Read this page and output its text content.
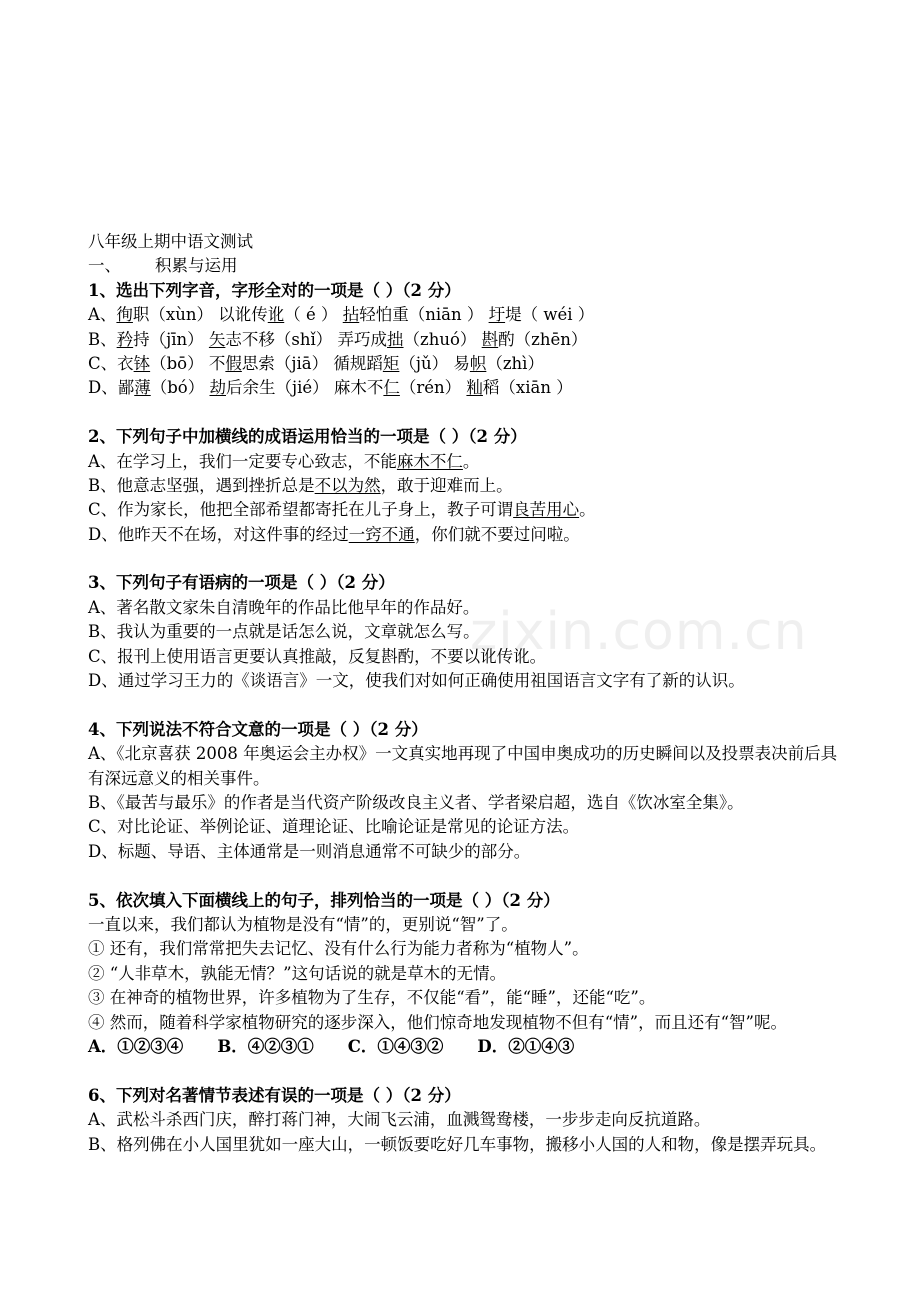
zixin.com.cn
八年级上期中语文测试
一、 积累与运用
1、选出下列字音，字形全对的一项是（ ）（2 分）
A、徇职（xùn） 以讹传讹（ é ） 拈轻怕重（niān ） 圩堤（ wéi ）
B、矜持（jīn） 矢志不移（shǐ） 弄巧成拙（zhuó） 斟酌（zhēn）
C、衣钵（bō） 不假思索（jiā） 循规蹈矩（jǔ） 易帜（zhì）
D、鄙薄（bó） 劫后余生（jié） 麻木不仁（rén） 籼稻（xiān ）
2、下列句子中加横线的成语运用恰当的一项是（ ）（2 分）
A、在学习上，我们一定要专心致志，不能麻木不仁。
B、他意志坚强，遇到挫折总是不以为然，敢于迎难而上。
C、作为家长，他把全部希望都寄托在儿子身上，教子可谓良苦用心。
D、他昨天不在场，对这件事的经过一窍不通，你们就不要过问啦。
3、下列句子有语病的一项是（ ）（2 分）
A、著名散文家朱自清晚年的作品比他早年的作品好。
B、我认为重要的一点就是话怎么说，文章就怎么写。
C、报刊上使用语言更要认真推敲，反复斟酌，不要以讹传讹。
D、通过学习王力的《谈语言》一文，使我们对如何正确使用祖国语言文字有了新的认识。
4、下列说法不符合文意的一项是（ ）（2 分）
A、《北京喜获 2008 年奥运会主办权》一文真实地再现了中国申奥成功的历史瞬间以及投票表决前后具有深远意义的相关事件。
B、《最苦与最乐》的作者是当代资产阶级改良主义者、学者梁启超，选自《饮冰室全集》。
C、对比论证、举例论证、道理论证、比喻论证是常见的论证方法。
D、标题、导语、主体通常是一则消息通常不可缺少的部分。
5、依次填入下面横线上的句子，排列恰当的一项是（ ）（2 分）
一直以来，我们都认为植物是没有“情”的，更别说“智”了。
① 还有，我们常常把失去记忆、没有什么行为能力者称为“植物人”。
② “人非草木，孰能无情？”这句话说的就是草木的无情。
③ 在神奇的植物世界，许多植物为了生存，不仅能“看”，能“睡”，还能“吃”。
④ 然而，随着科学家植物研究的逐步深入，他们惊奇地发现植物不但有“情”，而且还有“智”呢。
A．①②③④ B．④②③① C．①④③② D．②①④③
6、下列对名著情节表述有误的一项是（ ）（2 分）
A、武松斗杀西门庆，醉打蒋门神，大闹飞云浦，血溅鸳鸯楼，一步步走向反抗道路。
B、格列佛在小人国里犹如一座大山，一顿饭要吃好几车事物，搬移小人国的人和物，像是摆弄玩具。
